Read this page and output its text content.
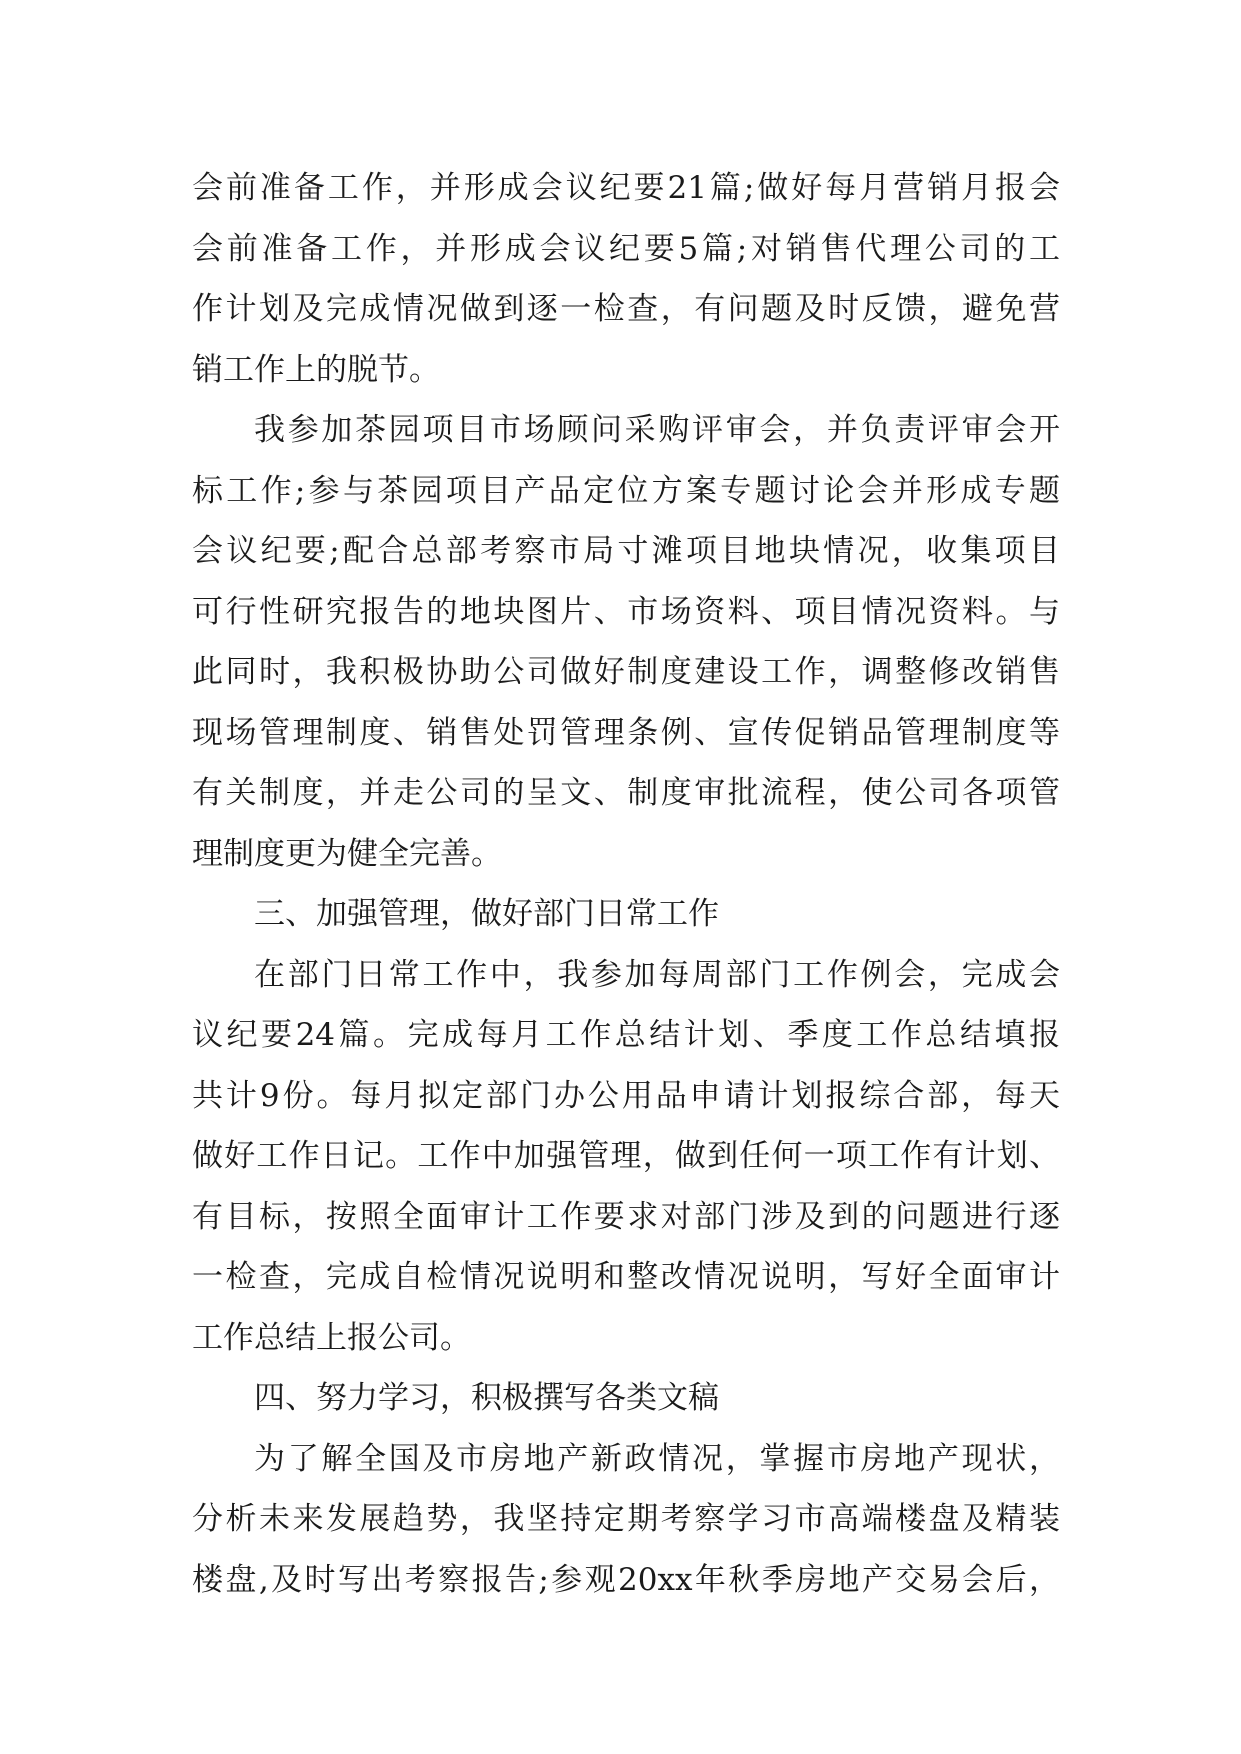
会前准备工作，并形成会议纪要21篇;做好每月营销月报会
会前准备工作，并形成会议纪要5篇;对销售代理公司的工
作计划及完成情况做到逐一检查，有问题及时反馈，避免营
销工作上的脱节。
我参加茶园项目市场顾问采购评审会，并负责评审会开
标工作;参与茶园项目产品定位方案专题讨论会并形成专题
会议纪要;配合总部考察市局寸滩项目地块情况，收集项目
可行性研究报告的地块图片、市场资料、项目情况资料。与
此同时，我积极协助公司做好制度建设工作，调整修改销售
现场管理制度、销售处罚管理条例、宣传促销品管理制度等
有关制度，并走公司的呈文、制度审批流程，使公司各项管
理制度更为健全完善。
三、加强管理，做好部门日常工作
在部门日常工作中，我参加每周部门工作例会，完成会
议纪要24篇。完成每月工作总结计划、季度工作总结填报
共计9份。每月拟定部门办公用品申请计划报综合部，每天
做好工作日记。工作中加强管理，做到任何一项工作有计划、
有目标，按照全面审计工作要求对部门涉及到的问题进行逐
一检查，完成自检情况说明和整改情况说明，写好全面审计
工作总结上报公司。
四、努力学习，积极撰写各类文稿
为了解全国及市房地产新政情况，掌握市房地产现状，
分析未来发展趋势，我坚持定期考察学习市高端楼盘及精装
楼盘,及时写出考察报告;参观20xx年秋季房地产交易会后，
